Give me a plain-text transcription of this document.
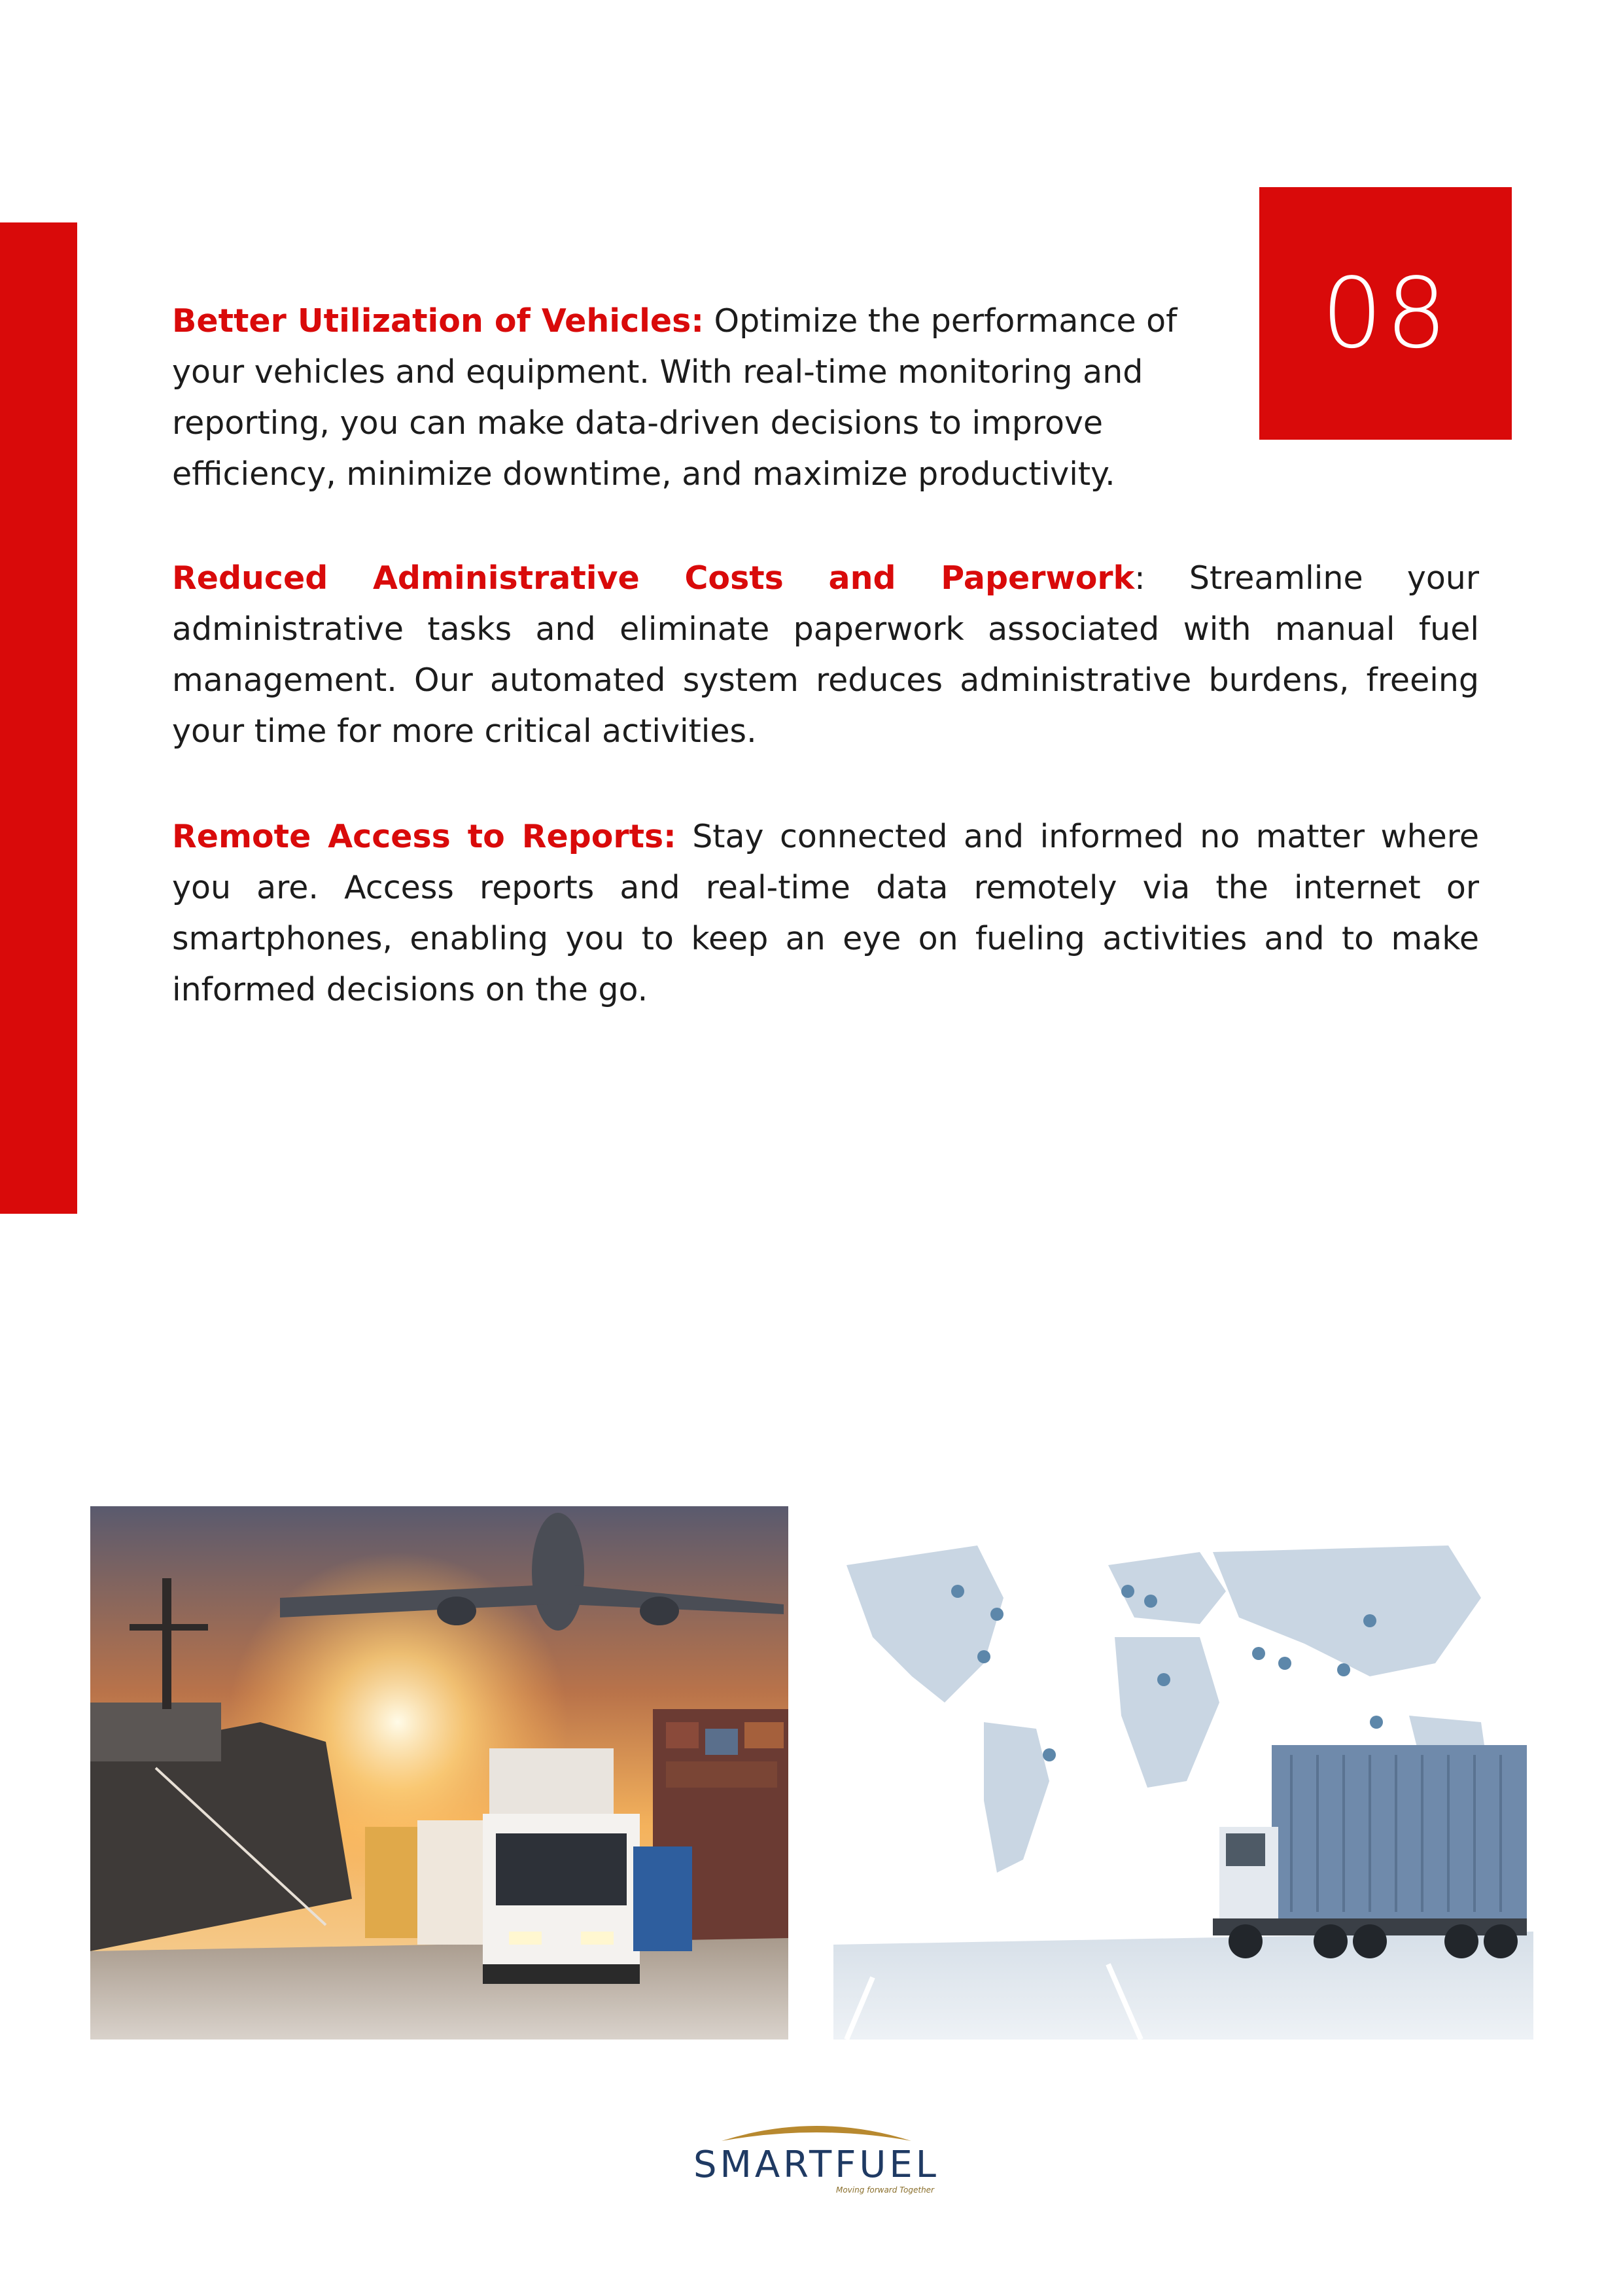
08
Better Utilization of Vehicles: Optimize the performance of your vehicles and equipment. With real-time monitoring and reporting, you can make data-driven decisions to improve efficiency, minimize downtime, and maximize productivity.
Reduced Administrative Costs and Paperwork: Streamline your administrative tasks and eliminate paperwork associated with manual fuel management. Our automated system reduces administrative burdens, freeing your time for more critical activities.
Remote Access to Reports: Stay connected and informed no matter where you are. Access reports and real-time data remotely via the internet or smartphones, enabling you to keep an eye on fueling activities and to make informed decisions on the go.
SMARTFUEL
Moving forward Together
